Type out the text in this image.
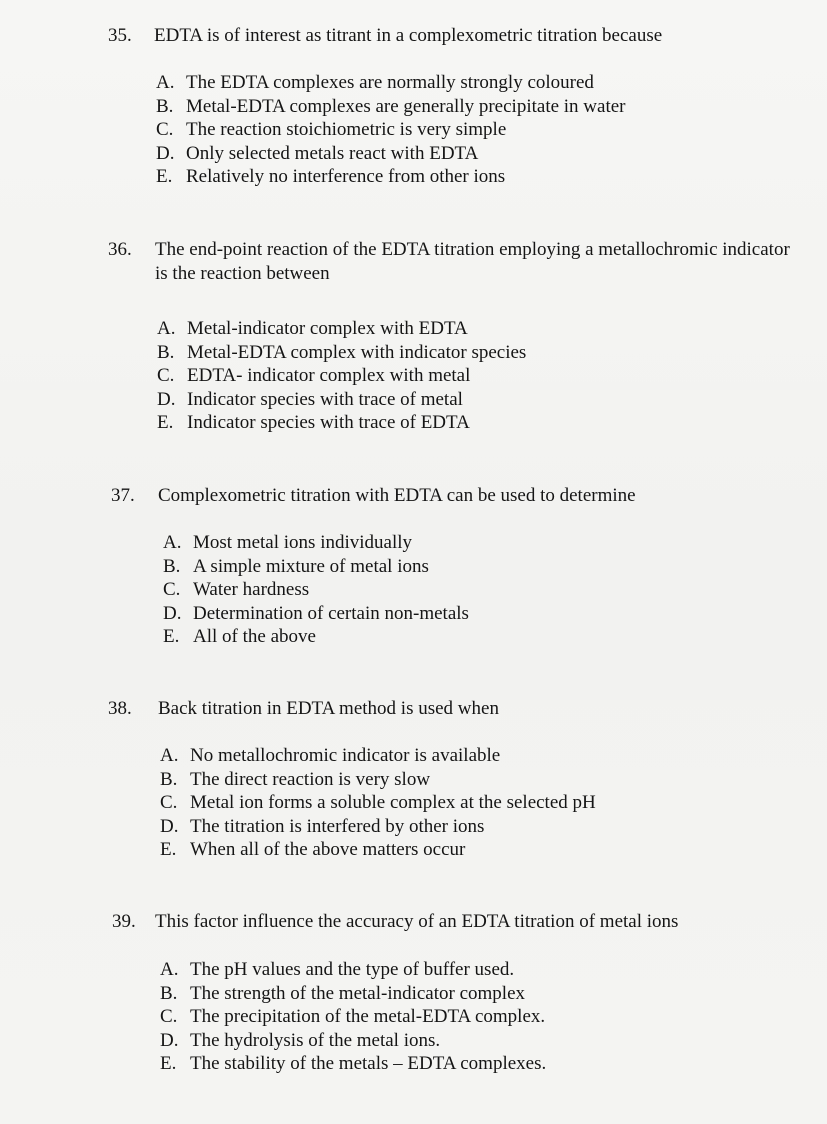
35. EDTA is of interest as titrant in a complexometric titration because
A. The EDTA complexes are normally strongly coloured
B. Metal-EDTA complexes are generally precipitate in water
C. The reaction stoichiometric is very simple
D. Only selected metals react with EDTA
E. Relatively no interference from other ions
36. The end-point reaction of the EDTA titration employing a metallochromic indicator is the reaction between
A. Metal-indicator complex with EDTA
B. Metal-EDTA complex with indicator species
C. EDTA- indicator complex with metal
D. Indicator species with trace of metal
E. Indicator species with trace of EDTA
37. Complexometric titration with EDTA can be used to determine
A. Most metal ions individually
B. A simple mixture of metal ions
C. Water hardness
D. Determination of certain non-metals
E. All of the above
38. Back titration in EDTA method is used when
A. No metallochromic indicator is available
B. The direct reaction is very slow
C. Metal ion forms a soluble complex at the selected pH
D. The titration is interfered by other ions
E. When all of the above matters occur
39. This factor influence the accuracy of an EDTA titration of metal ions
A. The pH values and the type of buffer used.
B. The strength of the metal-indicator complex
C. The precipitation of the metal-EDTA complex.
D. The hydrolysis of the metal ions.
E. The stability of the metals – EDTA complexes.
